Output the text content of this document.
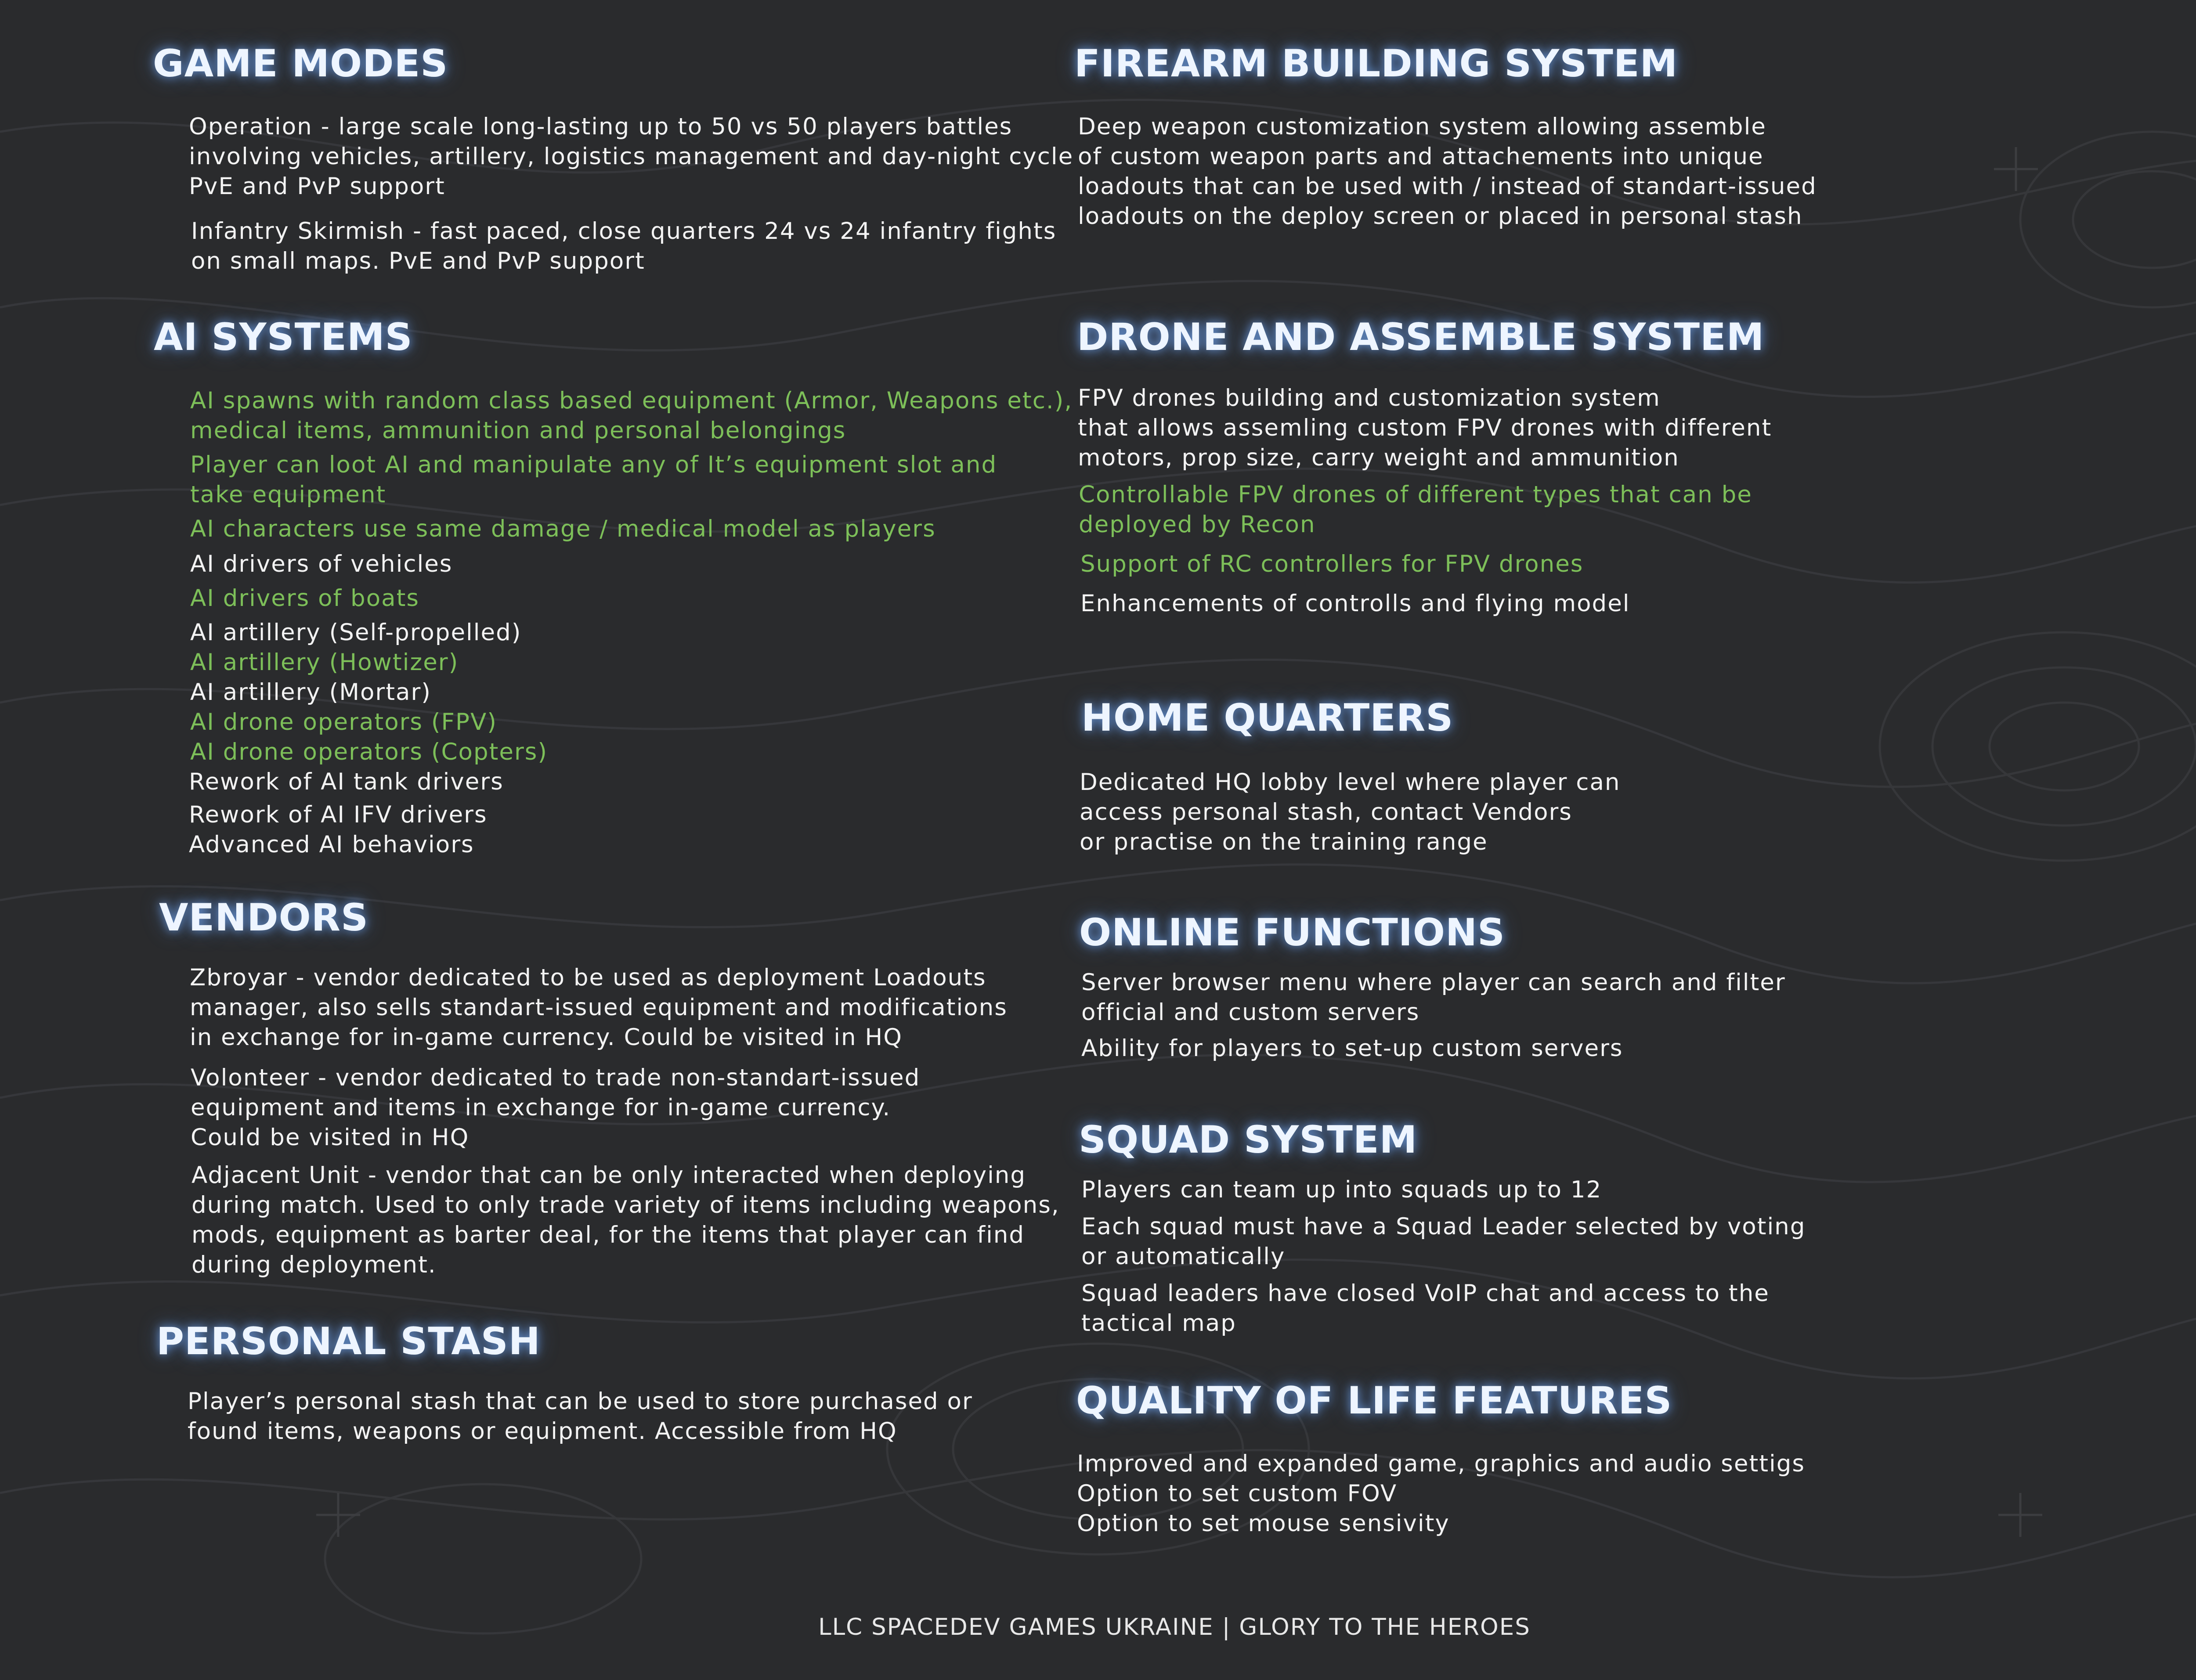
GAME MODES
Operation - large scale long-lasting up to 50 vs 50 players battles
involving vehicles, artillery, logistics management and day-night cycle
PvE and PvP support
Infantry Skirmish - fast paced, close quarters 24 vs 24 infantry fights
on small maps. PvE and PvP support
AI SYSTEMS
AI spawns with random class based equipment (Armor, Weapons etc.),
medical items, ammunition and personal belongings
Player can loot AI and manipulate any of It’s equipment slot and
take equipment
AI characters use same damage / medical model as players
AI drivers of vehicles
AI drivers of boats
AI artillery (Self-propelled)
AI artillery (Howtizer)
AI artillery (Mortar)
AI drone operators (FPV)
AI drone operators (Copters)
Rework of AI tank drivers
Rework of AI IFV drivers
Advanced AI behaviors
VENDORS
Zbroyar - vendor dedicated to be used as deployment Loadouts
manager, also sells standart-issued equipment and modifications
in exchange for in-game currency. Could be visited in HQ
Volonteer - vendor dedicated to trade non-standart-issued
equipment and items in exchange for in-game currency.
Could be visited in HQ
Adjacent Unit - vendor that can be only interacted when deploying
during match. Used to only trade variety of items including weapons,
mods, equipment as barter deal, for the items that player can find
during deployment.
PERSONAL STASH
Player’s personal stash that can be used to store purchased or
found items, weapons or equipment. Accessible from HQ
FIREARM BUILDING SYSTEM
Deep weapon customization system allowing assemble
of custom weapon parts and attachements into unique
loadouts that can be used with / instead of standart-issued
loadouts on the deploy screen or placed in personal stash
DRONE AND ASSEMBLE SYSTEM
FPV drones building and customization system
that allows assemling custom FPV drones with different
motors, prop size, carry weight and ammunition
Controllable FPV drones of different types that can be
deployed by Recon
Support of RC controllers for FPV drones
Enhancements of controlls and flying model
HOME QUARTERS
Dedicated HQ lobby level where player can
access personal stash, contact Vendors
or practise on the training range
ONLINE FUNCTIONS
Server browser menu where player can search and filter
official and custom servers
Ability for players to set-up custom servers
SQUAD SYSTEM
Players can team up into squads up to 12
Each squad must have a Squad Leader selected by voting
or automatically
Squad leaders have closed VoIP chat and access to the
tactical map
QUALITY OF LIFE FEATURES
Improved and expanded game, graphics and audio settigs
Option to set custom FOV
Option to set mouse sensivity
LLC SPACEDEV GAMES UKRAINE | GLORY TO THE HEROES
